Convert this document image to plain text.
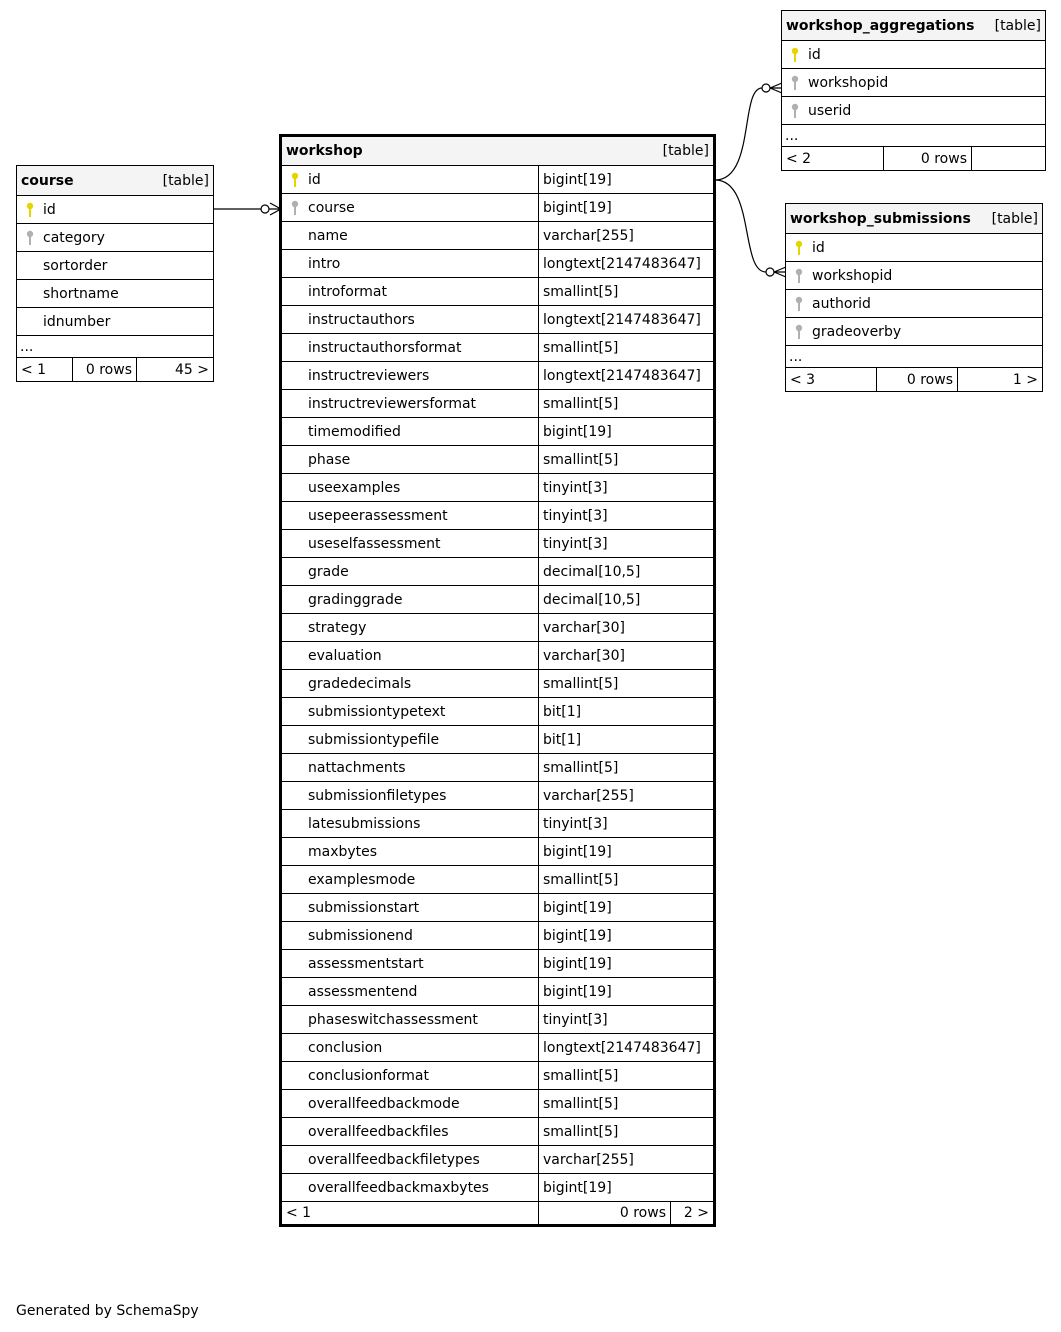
course	[table]

id

category
sortorder
shortname
idnumber
...
< 1	0 rows	45 >
workshop [table]		

id	bigint[19]	

course	bigint[19]	
name	varchar[255]	
intro	longtext[2147483647]	
introformat	smallint[5]	
instructauthors	longtext[2147483647]	
instructauthorsformat	smallint[5]	
instructreviewers	longtext[2147483647]	
instructreviewersformat	smallint[5]	
timemodified	bigint[19]	
phase	smallint[5]	
useexamples	tinyint[3]	
usepeerassessment	tinyint[3]	
useselfassessment	tinyint[3]	
grade	decimal[10,5]	
gradinggrade	decimal[10,5]	
strategy	varchar[30]	
evaluation	varchar[30]	
gradedecimals	smallint[5]	
submissiontypetext	bit[1]	
submissiontypefile	bit[1]	
nattachments	smallint[5]	
submissionfiletypes	varchar[255]	
latesubmissions	tinyint[3]	
maxbytes	bigint[19]	
examplesmode	smallint[5]	
submissionstart	bigint[19]	
submissionend	bigint[19]	
assessmentstart	bigint[19]	
assessmentend	bigint[19]	
phaseswitchassessment	tinyint[3]	
conclusion	longtext[2147483647]	
conclusionformat	smallint[5]	
overallfeedbackmode	smallint[5]	
overallfeedbackfiles	smallint[5]	
overallfeedbackfiletypes	varchar[255]	
overallfeedbackmaxbytes	bigint[19]	
< 1	0 rows	2 >
workshop_aggregations [table]

id

workshopid

userid
...
< 2	0 rows	
workshop_submissions [table]

id

workshopid

authorid

gradeoverby
...
< 3	0 rows	1 >
Generated by SchemaSpy
